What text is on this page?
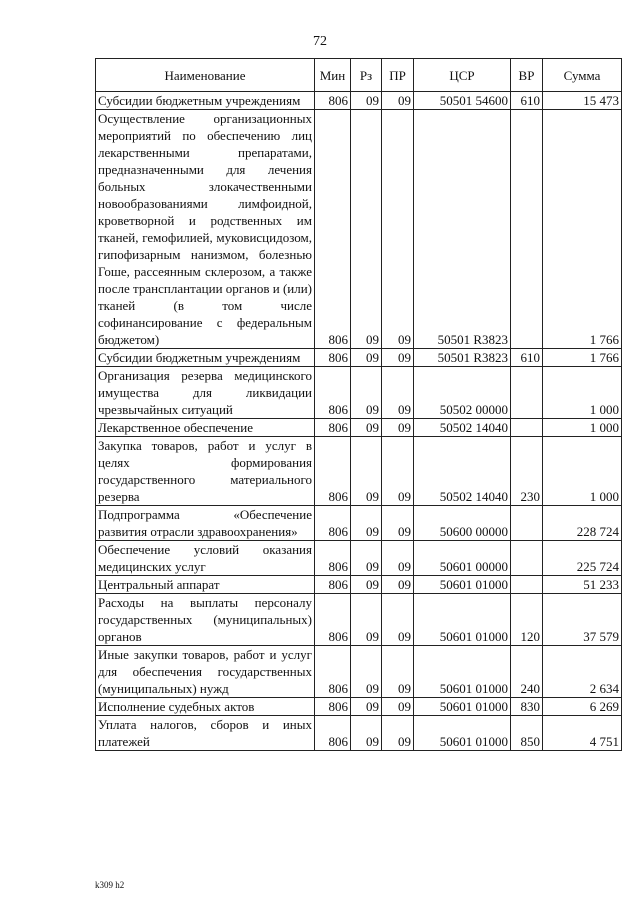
72
Наименование	Мин	Рз	ПР	ЦСР	ВР	Сумма
Субсидии бюджетным учреждениям	806	09	09	50501 54600	610	15 473
Осуществление организационных мероприятий по обеспечению лиц лекарственными препаратами, предназначенными для лечения больных злокачественными новообразованиями лимфоидной, кроветворной и родственных им тканей, гемофилией, муковисцидозом, гипофизарным нанизмом, болезнью Гоше, рассеянным склерозом, а также после трансплантации органов и (или) тканей (в том числе софинансирование с федеральным бюджетом)	806	09	09	50501 R3823		1 766
Субсидии бюджетным учреждениям	806	09	09	50501 R3823	610	1 766
Организация резерва медицинского имущества для ликвидации чрезвычайных ситуаций	806	09	09	50502 00000		1 000
Лекарственное обеспечение	806	09	09	50502 14040		1 000
Закупка товаров, работ и услуг в целях формирования государственного материального резерва	806	09	09	50502 14040	230	1 000
Подпрограмма «Обеспечение развития отрасли здравоохранения»	806	09	09	50600 00000		228 724
Обеспечение условий оказания медицинских услуг	806	09	09	50601 00000		225 724
Центральный аппарат	806	09	09	50601 01000		51 233
Расходы на выплаты персоналу государственных (муниципальных) органов	806	09	09	50601 01000	120	37 579
Иные закупки товаров, работ и услуг для обеспечения государственных (муниципальных) нужд	806	09	09	50601 01000	240	2 634
Исполнение судебных актов	806	09	09	50601 01000	830	6 269
Уплата налогов, сборов и иных платежей	806	09	09	50601 01000	850	4 751
k309 h2
